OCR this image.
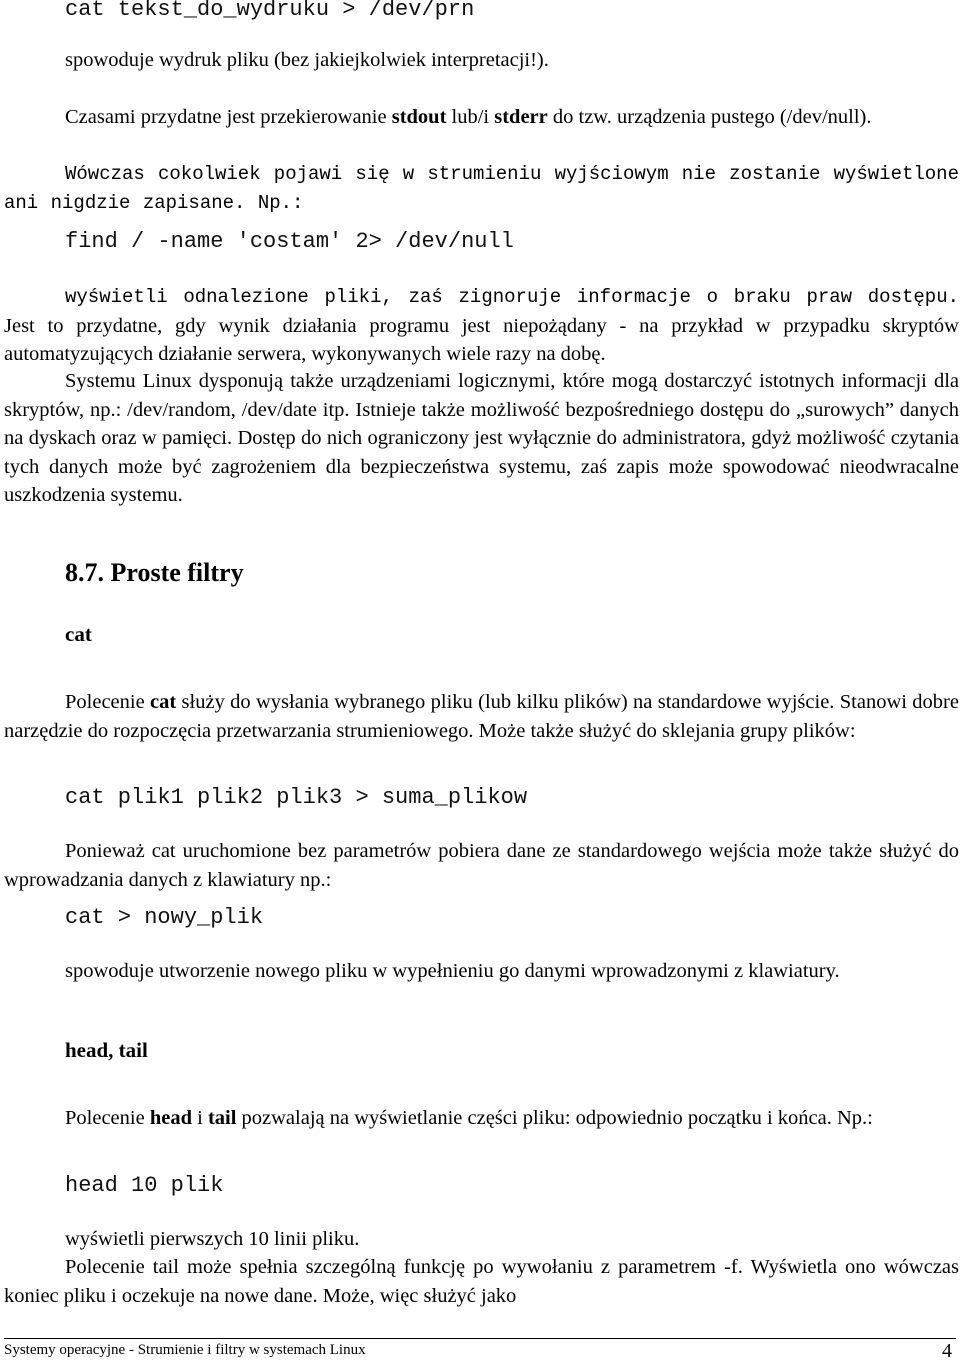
cat tekst_do_wydruku > /dev/prn

spowoduje wydruk pliku (bez jakiejkolwiek interpretacji!).

Czasami przydatne jest przekierowanie stdout lub/i stderr do tzw. urządzenia pustego (/dev/null).

Wówczas cokolwiek pojawi się w strumieniu wyjściowym nie zostanie wyświetlone ani nigdzie zapisane. Np.:

find / -name 'costam' 2> /dev/null

wyświetli odnalezione pliki, zaś zignoruje informacje o braku praw dostępu. Jest to przydatne, gdy wynik działania programu jest niepożądany - na przykład w przypadku skryptów automatyzujących działanie serwera, wykonywanych wiele razy na dobę.

Systemu Linux dysponują także urządzeniami logicznymi, które mogą dostarczyć istotnych informacji dla skryptów, np.: /dev/random, /dev/date itp. Istnieje także możliwość bezpośredniego dostępu do „surowych” danych na dyskach oraz w pamięci. Dostęp do nich ograniczony jest wyłącznie do administratora, gdyż możliwość czytania tych danych może być zagrożeniem dla bezpieczeństwa systemu, zaś zapis może spowodować nieodwracalne uszkodzenia systemu.

8.7. Proste filtry
cat

Polecenie cat służy do wysłania wybranego pliku (lub kilku plików) na standardowe wyjście. Stanowi dobre narzędzie do rozpoczęcia przetwarzania strumieniowego. Może także służyć do sklejania grupy plików:

cat plik1 plik2 plik3 > suma_plikow

Ponieważ cat uruchomione bez parametrów pobiera dane ze standardowego wejścia może także służyć do wprowadzania danych z klawiatury np.:

cat > nowy_plik

spowoduje utworzenie nowego pliku w wypełnieniu go danymi wprowadzonymi z klawiatury.

head, tail

Polecenie head i tail pozwalają na wyświetlanie części pliku: odpowiednio początku i końca. Np.:

head 10 plik

wyświetli pierwszych 10 linii pliku.

Polecenie tail może spełnia szczególną funkcję po wywołaniu z parametrem ‐f. Wyświetla ono wówczas koniec pliku i oczekuje na nowe dane. Może, więc służyć jako

Systemy operacyjne - Strumienie i filtry w systemach Linux	4
